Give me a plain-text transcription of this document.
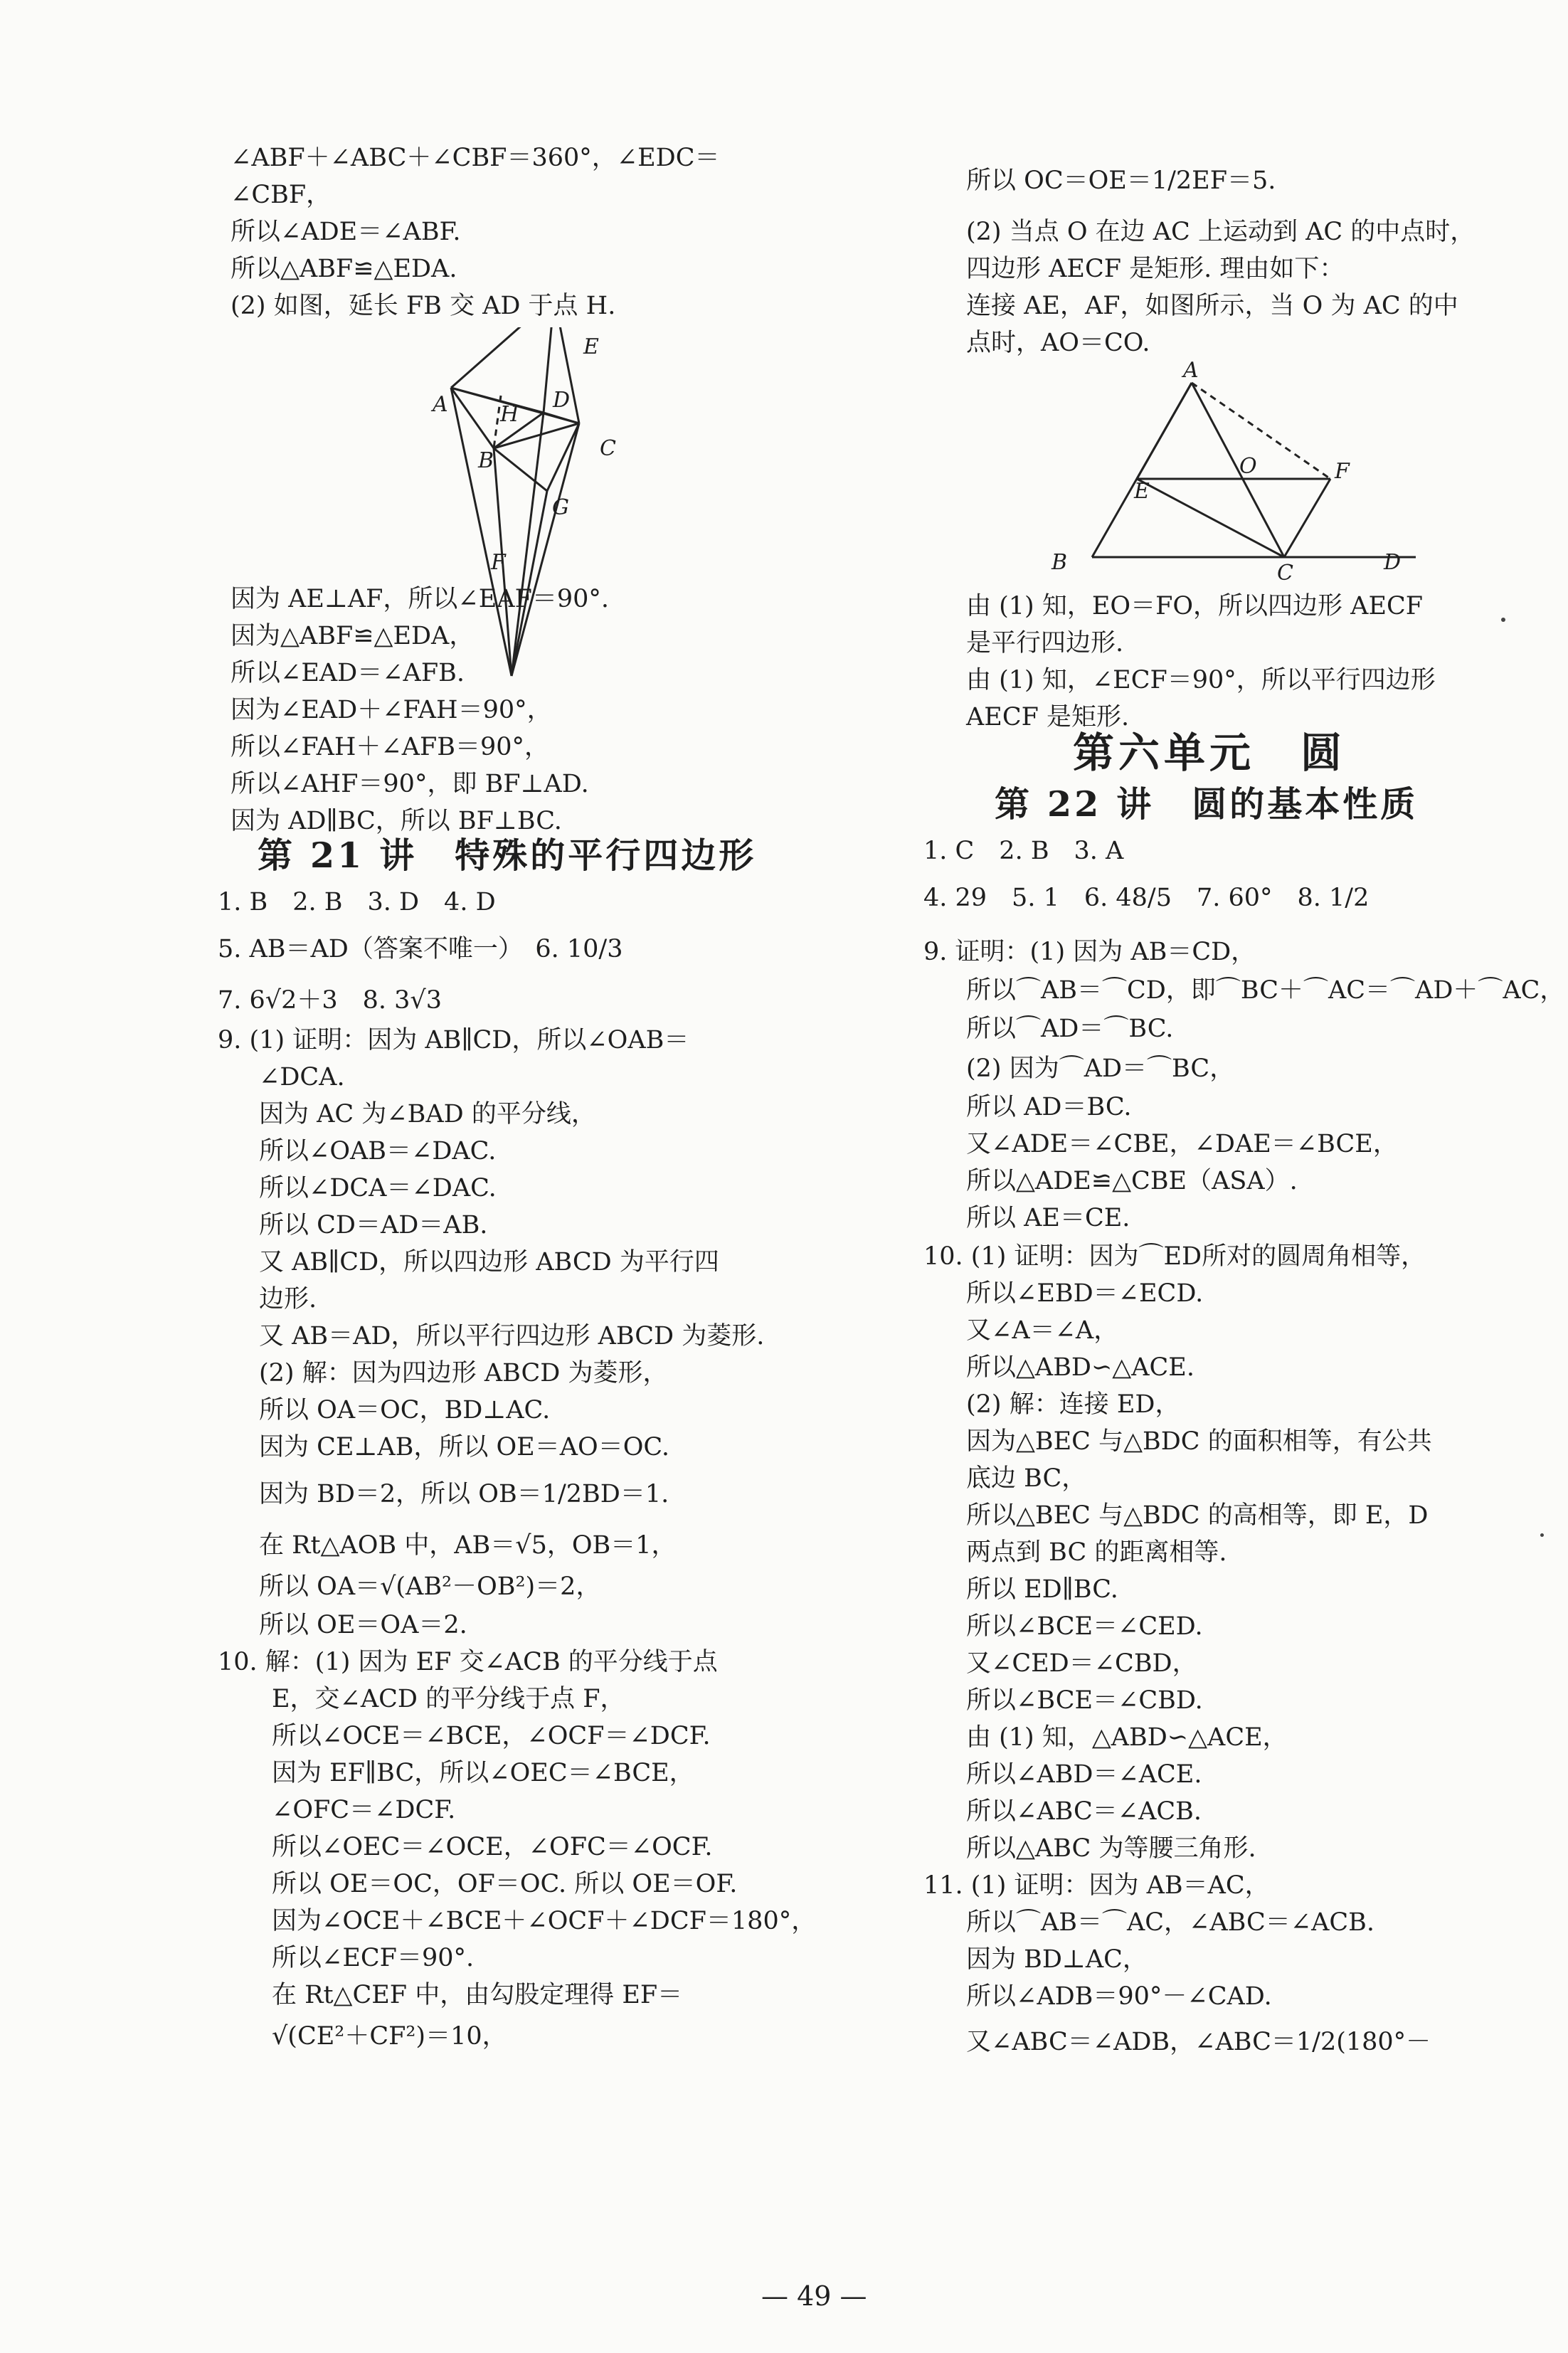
∠ABF＋∠ABC＋∠CBF＝360°，∠EDC＝
∠CBF，
所以∠ADE＝∠ABF.
所以△ABF≌△EDA.
(2) 如图，延长 FB 交 AD 于点 H.
A
E
D
H
B	C
G
F
因为 AE⊥AF，所以∠EAF＝90°.
因为△ABF≌△EDA，
所以∠EAD＝∠AFB.
因为∠EAD＋∠FAH＝90°，
所以∠FAH＋∠AFB＝90°，
所以∠AHF＝90°，即 BF⊥AD.
因为 AD∥BC，所以 BF⊥BC.
第 21 讲　特殊的平行四边形
1. B　2. B　3. D　4. D
5. AB＝AD（答案不唯一）　6. 10/3
7. 6√2＋3　8. 3√3
9. (1) 证明：因为 AB∥CD，所以∠OAB＝
∠DCA.
因为 AC 为∠BAD 的平分线，
所以∠OAB＝∠DAC.
所以∠DCA＝∠DAC.
所以 CD＝AD＝AB.
又 AB∥CD，所以四边形 ABCD 为平行四
边形.
又 AB＝AD，所以平行四边形 ABCD 为菱形.
(2) 解：因为四边形 ABCD 为菱形，
所以 OA＝OC，BD⊥AC.
因为 CE⊥AB，所以 OE＝AO＝OC.
因为 BD＝2，所以 OB＝1/2BD＝1.
在 Rt△AOB 中，AB＝√5，OB＝1，
所以 OA＝√(AB²－OB²)＝2，
所以 OE＝OA＝2.
10. 解：(1) 因为 EF 交∠ACB 的平分线于点
E，交∠ACD 的平分线于点 F，
所以∠OCE＝∠BCE，∠OCF＝∠DCF.
因为 EF∥BC，所以∠OEC＝∠BCE，
∠OFC＝∠DCF.
所以∠OEC＝∠OCE，∠OFC＝∠OCF.
所以 OE＝OC，OF＝OC. 所以 OE＝OF.
因为∠OCE＋∠BCE＋∠OCF＋∠DCF＝180°，
所以∠ECF＝90°.
在 Rt△CEF 中，由勾股定理得 EF＝
√(CE²＋CF²)＝10，
所以 OC＝OE＝1/2EF＝5.
(2) 当点 O 在边 AC 上运动到 AC 的中点时，
四边形 AECF 是矩形. 理由如下：
连接 AE，AF，如图所示，当 O 为 AC 的中
点时，AO＝CO.
A
O	F
E
B	C	D
由 (1) 知，EO＝FO，所以四边形 AECF
是平行四边形.
由 (1) 知，∠ECF＝90°，所以平行四边形
AECF 是矩形.
第六单元　圆
第 22 讲　圆的基本性质
1. C　2. B　3. A
4. 29　5. 1　6. 48/5　7. 60°　8. 1/2
9. 证明：(1) 因为 AB＝CD，
所以⌒AB＝⌒CD，即⌒BC＋⌒AC＝⌒AD＋⌒AC，
所以⌒AD＝⌒BC.
(2) 因为⌒AD＝⌒BC，
所以 AD＝BC.
又∠ADE＝∠CBE，∠DAE＝∠BCE，
所以△ADE≌△CBE（ASA）.
所以 AE＝CE.
10. (1) 证明：因为⌒ED所对的圆周角相等，
所以∠EBD＝∠ECD.
又∠A＝∠A，
所以△ABD∽△ACE.
(2) 解：连接 ED，
因为△BEC 与△BDC 的面积相等，有公共
底边 BC，
所以△BEC 与△BDC 的高相等，即 E，D
两点到 BC 的距离相等.
所以 ED∥BC.
所以∠BCE＝∠CED.
又∠CED＝∠CBD，
所以∠BCE＝∠CBD.
由 (1) 知，△ABD∽△ACE，
所以∠ABD＝∠ACE.
所以∠ABC＝∠ACB.
所以△ABC 为等腰三角形.
11. (1) 证明：因为 AB＝AC，
所以⌒AB＝⌒AC，∠ABC＝∠ACB.
因为 BD⊥AC，
所以∠ADB＝90°－∠CAD.
又∠ABC＝∠ADB，∠ABC＝1/2(180°－
— 49 —
